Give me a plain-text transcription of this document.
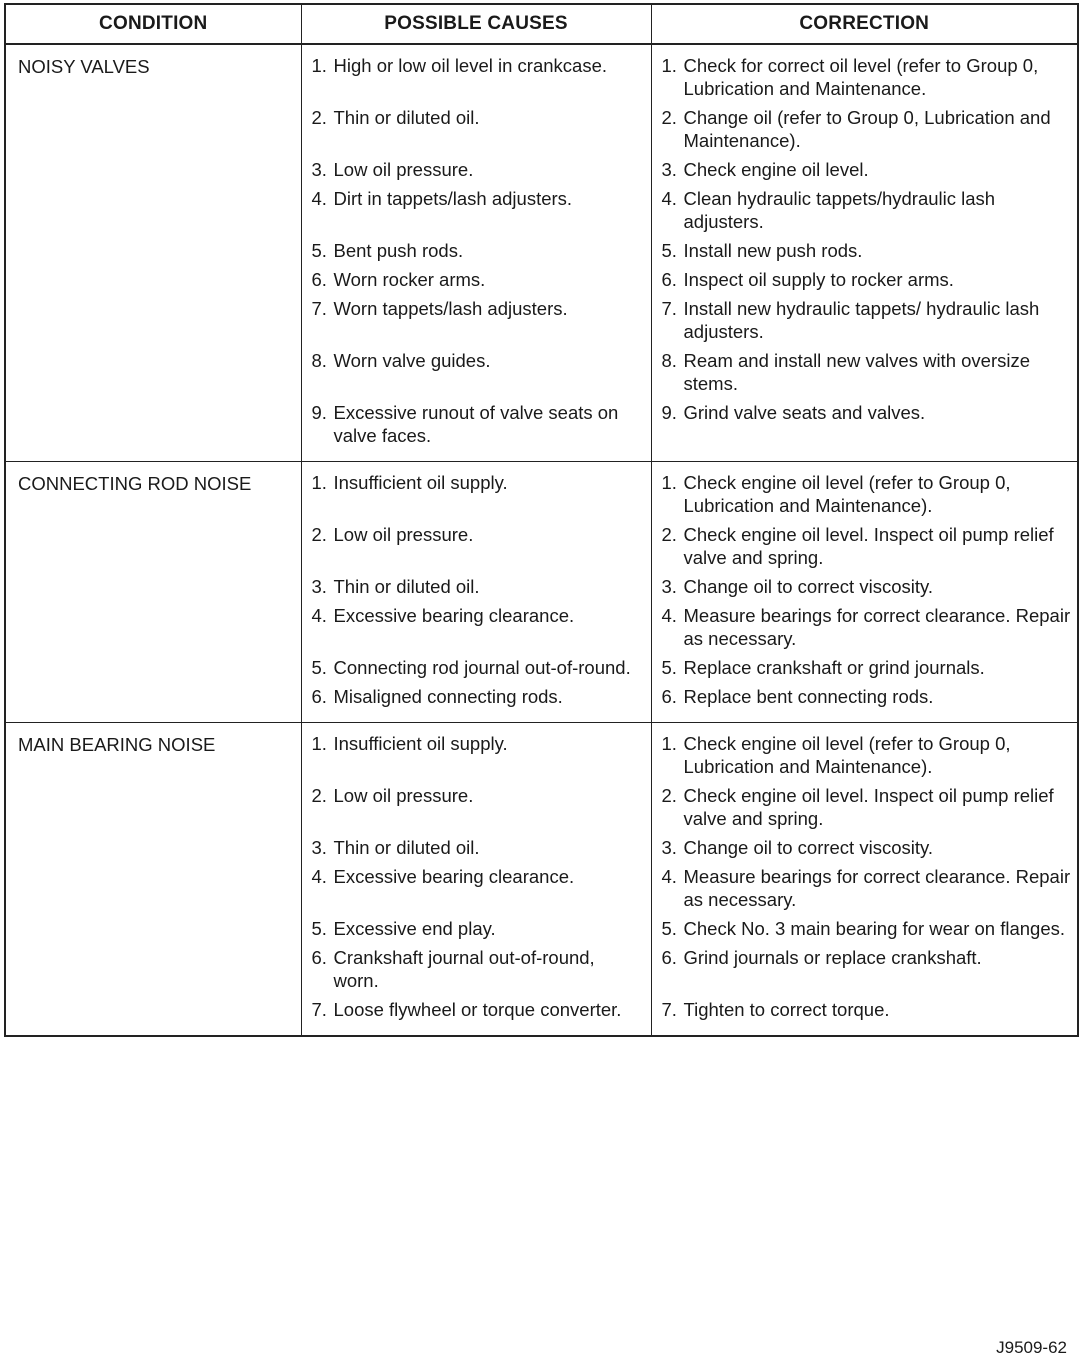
CONDITION	POSSIBLE CAUSES	CORRECTION
NOISY VALVES	1. High or low oil level in crankcase.	1. Check for correct oil level (refer to Group 0, Lubrication and Maintenance.

	2. Thin or diluted oil.	2. Change oil (refer to Group 0, Lubrication and Maintenance).

	3. Low oil pressure.	3. Check engine oil level.

	4. Dirt in tappets/lash adjusters.	4. Clean hydraulic tappets/hydraulic lash adjusters.

	5. Bent push rods.	5. Install new push rods.

	6. Worn rocker arms.	6. Inspect oil supply to rocker arms.

	7. Worn tappets/lash adjusters.	7. Install new hydraulic tappets/ hydraulic lash adjusters.

	8. Worn valve guides.	8. Ream and install new valves with oversize stems.

	9. Excessive runout of valve seats on valve faces.	9. Grind valve seats and valves.

CONNECTING ROD NOISE	1. Insufficient oil supply.	1. Check engine oil level (refer to Group 0, Lubrication and Maintenance).

	2. Low oil pressure.	2. Check engine oil level. Inspect oil pump relief valve and spring.

	3. Thin or diluted oil.	3. Change oil to correct viscosity.

	4. Excessive bearing clearance.	4. Measure bearings for correct clearance. Repair as necessary.

	5. Connecting rod journal out-of-round.	5. Replace crankshaft or grind journals.

	6. Misaligned connecting rods.	6. Replace bent connecting rods.

MAIN BEARING NOISE	1. Insufficient oil supply.	1. Check engine oil level (refer to Group 0, Lubrication and Maintenance).

	2. Low oil pressure.	2. Check engine oil level. Inspect oil pump relief valve and spring.

	3. Thin or diluted oil.	3. Change oil to correct viscosity.

	4. Excessive bearing clearance.	4. Measure bearings for correct clearance. Repair as necessary.

	5. Excessive end play.	5. Check No. 3 main bearing for wear on flanges.

	6. Crankshaft journal out-of-round, worn.	6. Grind journals or replace crankshaft.

	7. Loose flywheel or torque converter.	7. Tighten to correct torque.
J9509-62
